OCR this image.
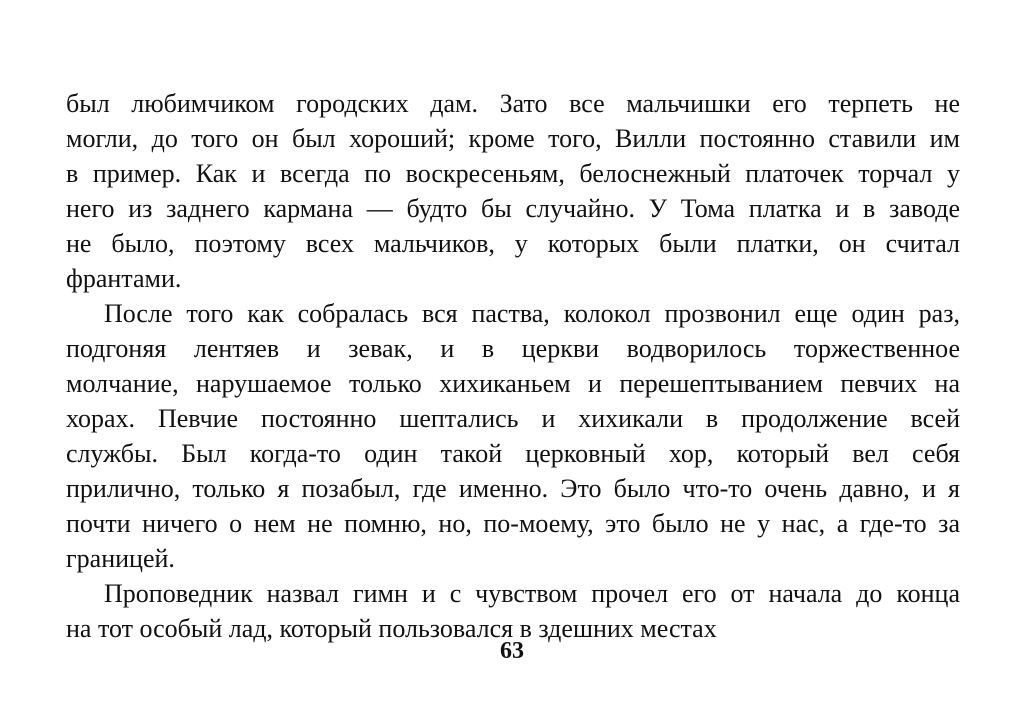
был любимчиком городских дам. Зато все мальчишки его терпеть не
могли, до того он был хороший; кроме того, Вилли постоянно ставили им
в пример. Как и всегда по воскресеньям, белоснежный платочек торчал у
него из заднего кармана — будто бы случайно. У Тома платка и в заводе
не было, поэтому всех мальчиков, у которых были платки, он считал
франтами.
После того как собралась вся паства, колокол прозвонил еще один раз,
подгоняя лентяев и зевак, и в церкви водворилось торжественное
молчание, нарушаемое только хихиканьем и перешептыванием певчих на
хорах. Певчие постоянно шептались и хихикали в продолжение всей
службы. Был когда-то один такой церковный хор, который вел себя
прилично, только я позабыл, где именно. Это было что-то очень давно, и я
почти ничего о нем не помню, но, по-моему, это было не у нас, а где-то за
границей.
Проповедник назвал гимн и с чувством прочел его от начала до конца
на тот особый лад, который пользовался в здешних местах
63
